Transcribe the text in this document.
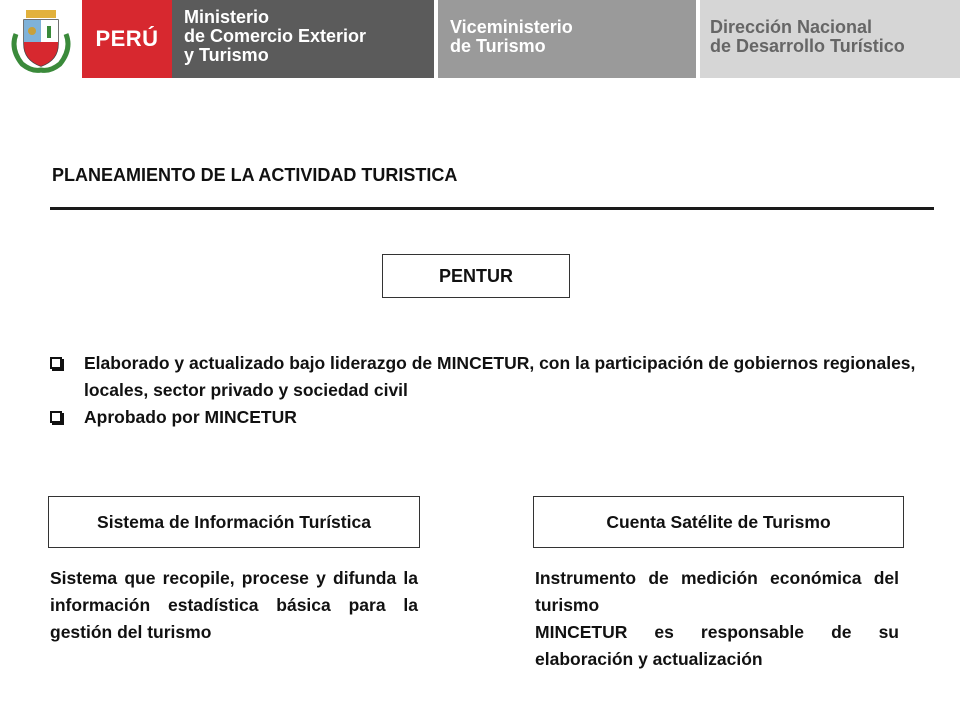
PERÚ
Ministerio
de Comercio Exterior
y Turismo
Viceministerio
de Turismo
Dirección Nacional
de Desarrollo Turístico
PLANEAMIENTO DE LA ACTIVIDAD TURISTICA
PENTUR
Elaborado y actualizado bajo liderazgo de MINCETUR, con la participación de gobiernos regionales, locales, sector privado y sociedad civil
Aprobado por MINCETUR
Sistema de Información Turística	Cuenta Satélite de Turismo

Sistema que recopile, procese y difunda la información estadística básica para la gestión del turismo

Instrumento de medición económica del turismo

MINCETUR es responsable de su elaboración y actualización
